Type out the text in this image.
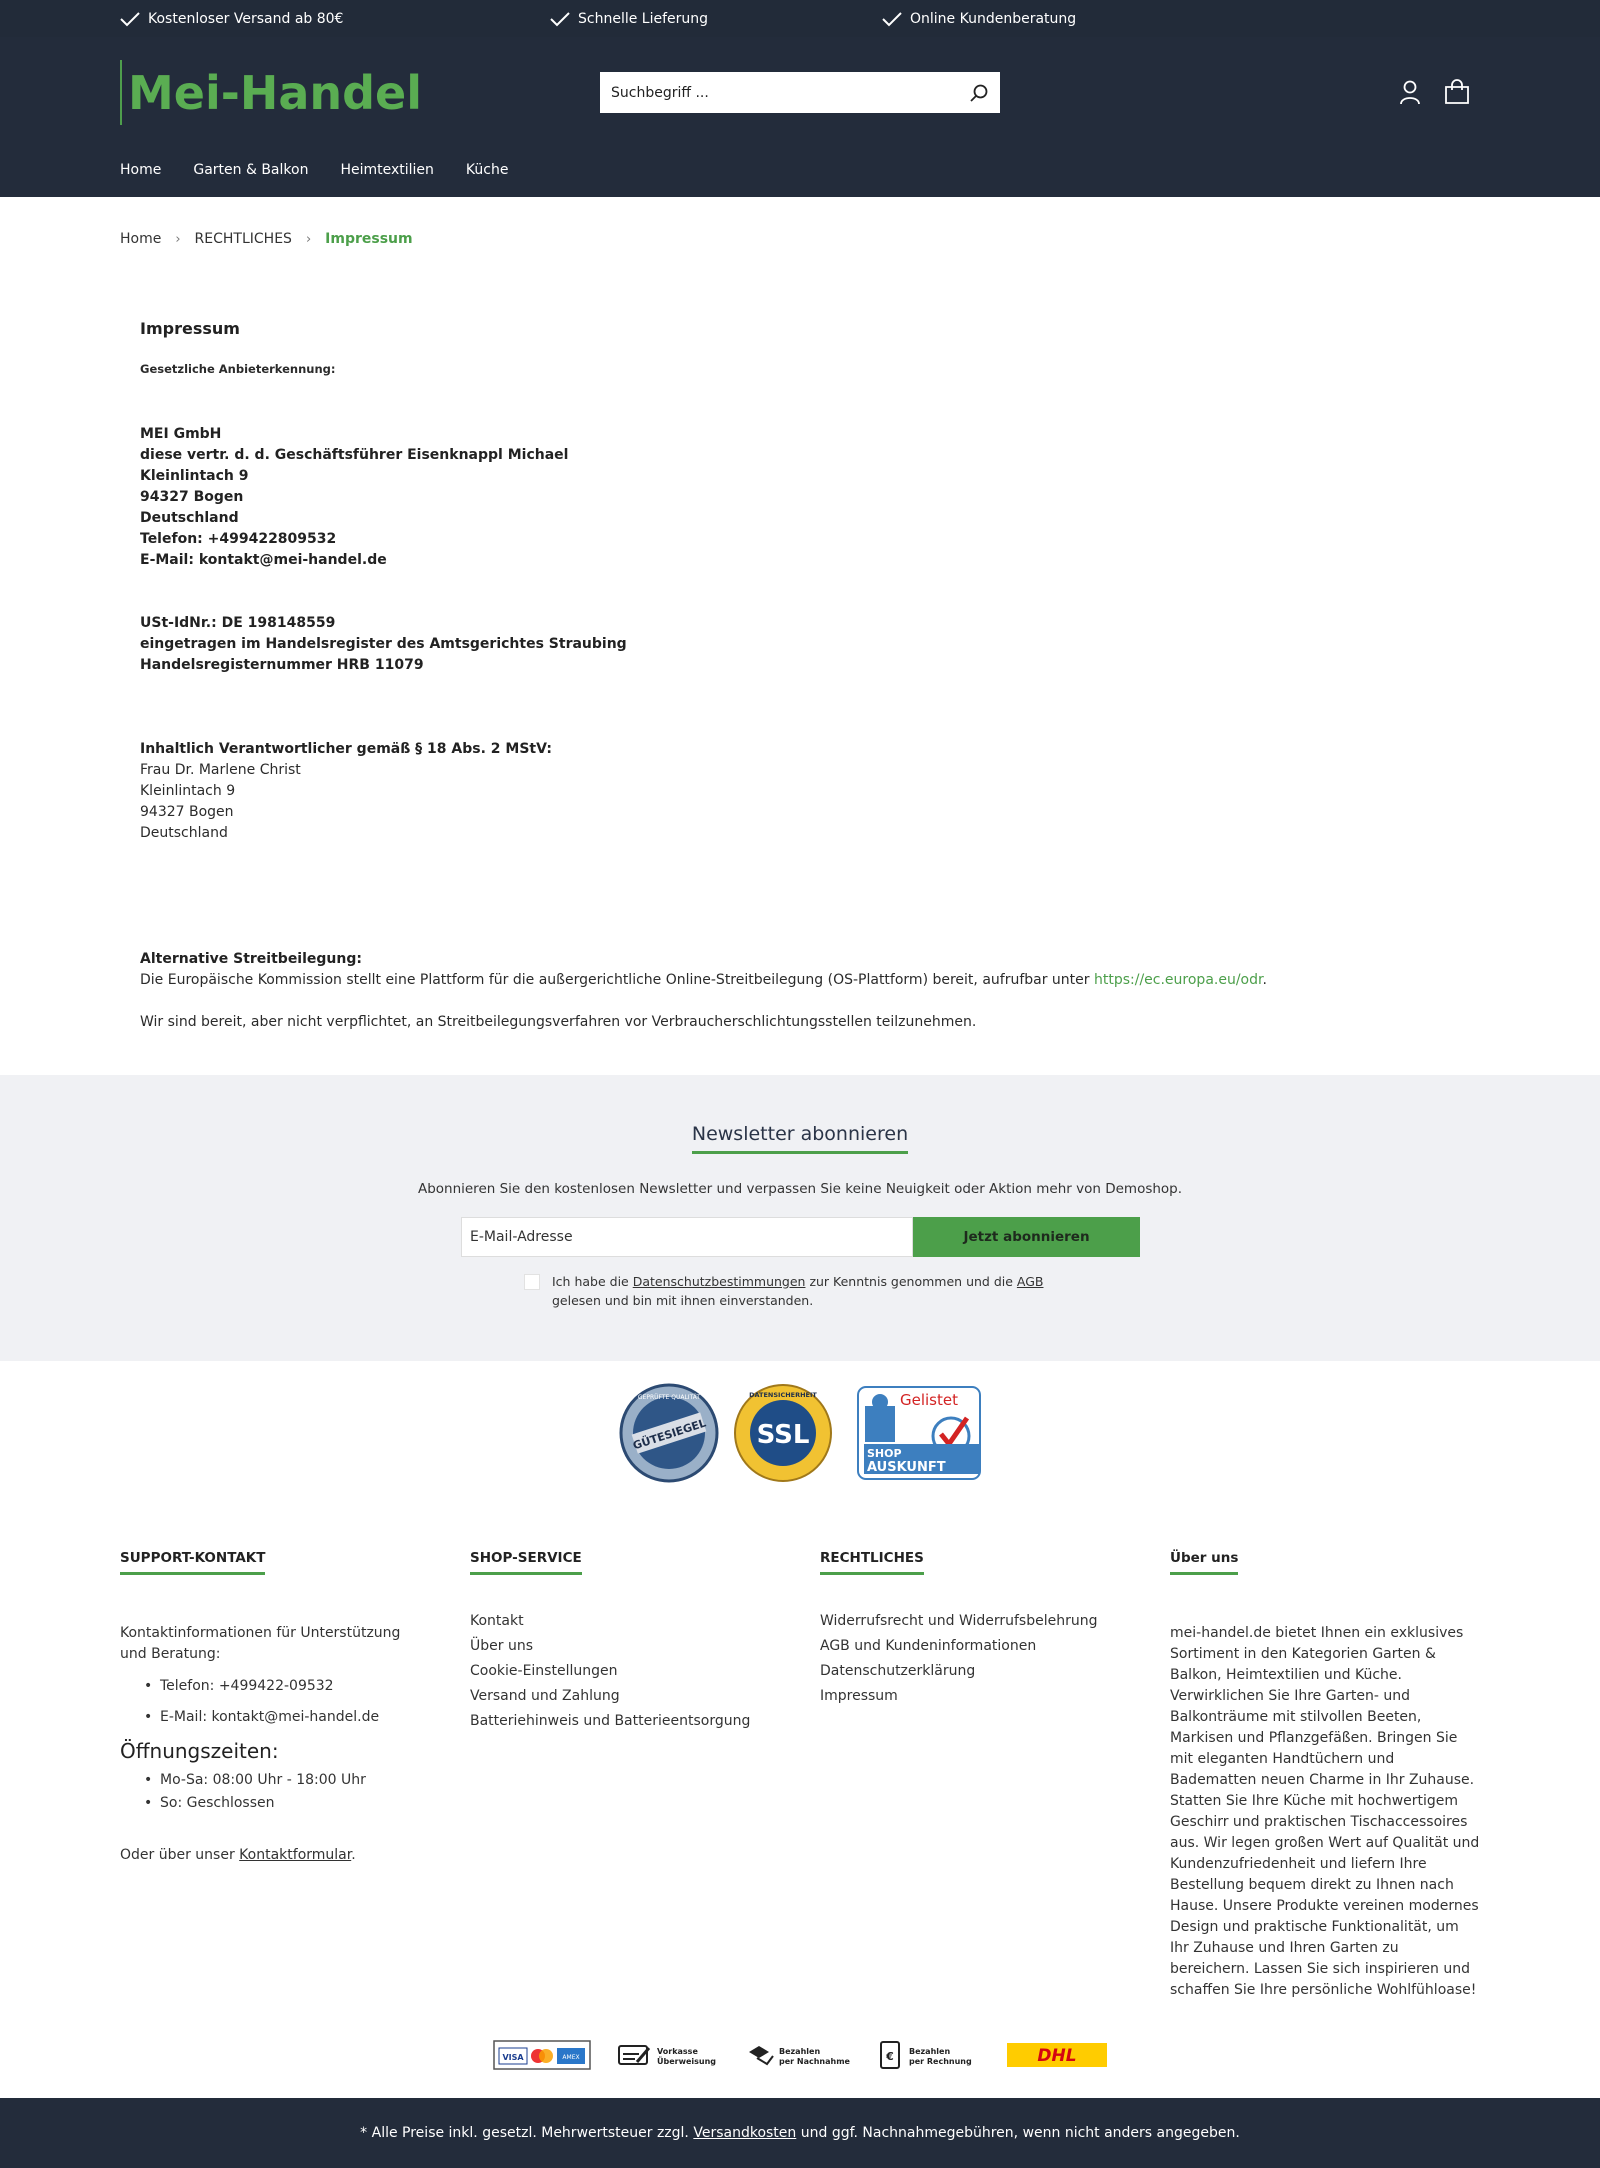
Kostenloser Versand ab 80€	Schnelle Lieferung	Online Kundenberatung
Mei-Handel
Suchbegriff ...
Home Garten & Balkon Heimtextilien Küche
Home › RECHTLICHES › Impressum
Impressum
Gesetzliche Anbieterkennung:
MEI GmbH
diese vertr. d. d. Geschäftsführer Eisenknappl Michael
Kleinlintach 9
94327 Bogen
Deutschland
Telefon: +499422809532
E-Mail: kontakt@mei-handel.de
USt-IdNr.: DE 198148559
eingetragen im Handelsregister des Amtsgerichtes Straubing
Handelsregisternummer HRB 11079
Inhaltlich Verantwortlicher gemäß § 18 Abs. 2 MStV:
Frau Dr. Marlene Christ
Kleinlintach 9
94327 Bogen
Deutschland
Alternative Streitbeilegung:
Die Europäische Kommission stellt eine Plattform für die außergerichtliche Online-Streitbeilegung (OS-Plattform) bereit, aufrufbar unter https://ec.europa.eu/odr.
Wir sind bereit, aber nicht verpflichtet, an Streitbeilegungsverfahren vor Verbraucherschlichtungsstellen teilzunehmen.
Newsletter abonnieren
Abonnieren Sie den kostenlosen Newsletter und verpassen Sie keine Neuigkeit oder Aktion mehr von Demoshop.
E-Mail-Adresse
Jetzt abonnieren
Ich habe die Datenschutzbestimmungen zur Kenntnis genommen und die AGB gelesen und bin mit ihnen einverstanden.
GÜTESIEGEL
GEPRÜFTE QUALITÄT
SSL
DATENSICHERHEIT	Gelistet
SHOP
AUSKUNFT
SUPPORT-KONTAKT

Kontaktinformationen für Unterstützung und Beratung:

• Telefon: +499422-09532
• E-Mail: kontakt@mei-handel.de
Öffnungszeiten:
• Mo-Sa: 08:00 Uhr - 18:00 Uhr
• So: Geschlossen

Oder über unser Kontaktformular.

SHOP-SERVICE
Kontakt
Über uns
Cookie-Einstellungen
Versand und Zahlung
Batteriehinweis und Batterieentsorgung
RECHTLICHES
Widerrufsrecht und Widerrufsbelehrung
AGB und Kundeninformationen
Datenschutzerklärung
Impressum
Über uns

mei-handel.de bietet Ihnen ein exklusives Sortiment in den Kategorien Garten & Balkon, Heimtextilien und Küche. Verwirklichen Sie Ihre Garten- und Balkonträume mit stilvollen Beeten, Markisen und Pflanzgefäßen. Bringen Sie mit eleganten Handtüchern und Badematten neuen Charme in Ihr Zuhause. Statten Sie Ihre Küche mit hochwertigem Geschirr und praktischen Tischaccessoires aus. Wir legen großen Wert auf Qualität und Kundenzufriedenheit und liefern Ihre Bestellung bequem direkt zu Ihnen nach Hause. Unsere Produkte vereinen modernes Design und praktische Funktionalität, um Ihr Zuhause und Ihren Garten zu bereichern. Lassen Sie sich inspirieren und schaffen Sie Ihre persönliche Wohlfühloase!

VISA	AMEX
Vorkasse
Überweisung
Bezahlen
per Nachnahme	€ Bezahlen
per Rechnung	DHL
* Alle Preise inkl. gesetzl. Mehrwertsteuer zzgl. Versandkosten und ggf. Nachnahmegebühren, wenn nicht anders angegeben.
